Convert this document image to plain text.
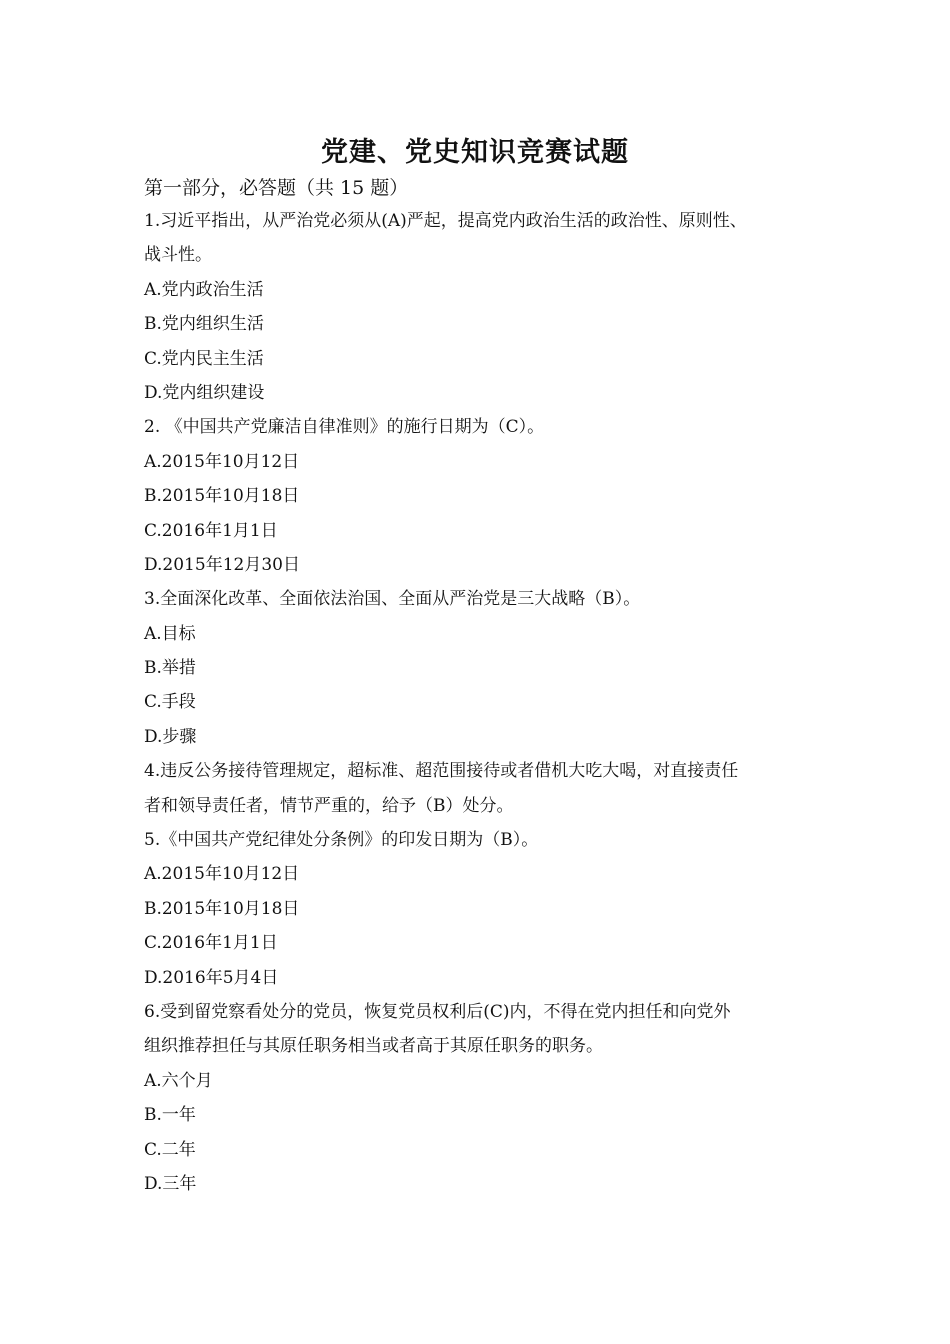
党建、党史知识竞赛试题
第一部分，必答题（共 15 题）
1.习近平指出，从严治党必须从(A)严起，提高党内政治生活的政治性、原则性、
战斗性。
A.党内政治生活
B.党内组织生活
C.党内民主生活
D.党内组织建设
2. 《中国共产党廉洁自律准则》的施行日期为（C）。
A.2015年10月12日
B.2015年10月18日
C.2016年1月1日
D.2015年12月30日
3.全面深化改革、全面依法治国、全面从严治党是三大战略（B）。
A.目标
B.举措
C.手段
D.步骤
4.违反公务接待管理规定，超标准、超范围接待或者借机大吃大喝，对直接责任
者和领导责任者，情节严重的，给予（B）处分。
5.《中国共产党纪律处分条例》的印发日期为（B）。
A.2015年10月12日
B.2015年10月18日
C.2016年1月1日
D.2016年5月4日
6.受到留党察看处分的党员，恢复党员权利后(C)内，不得在党内担任和向党外
组织推荐担任与其原任职务相当或者高于其原任职务的职务。
A.六个月
B.一年
C.二年
D.三年
